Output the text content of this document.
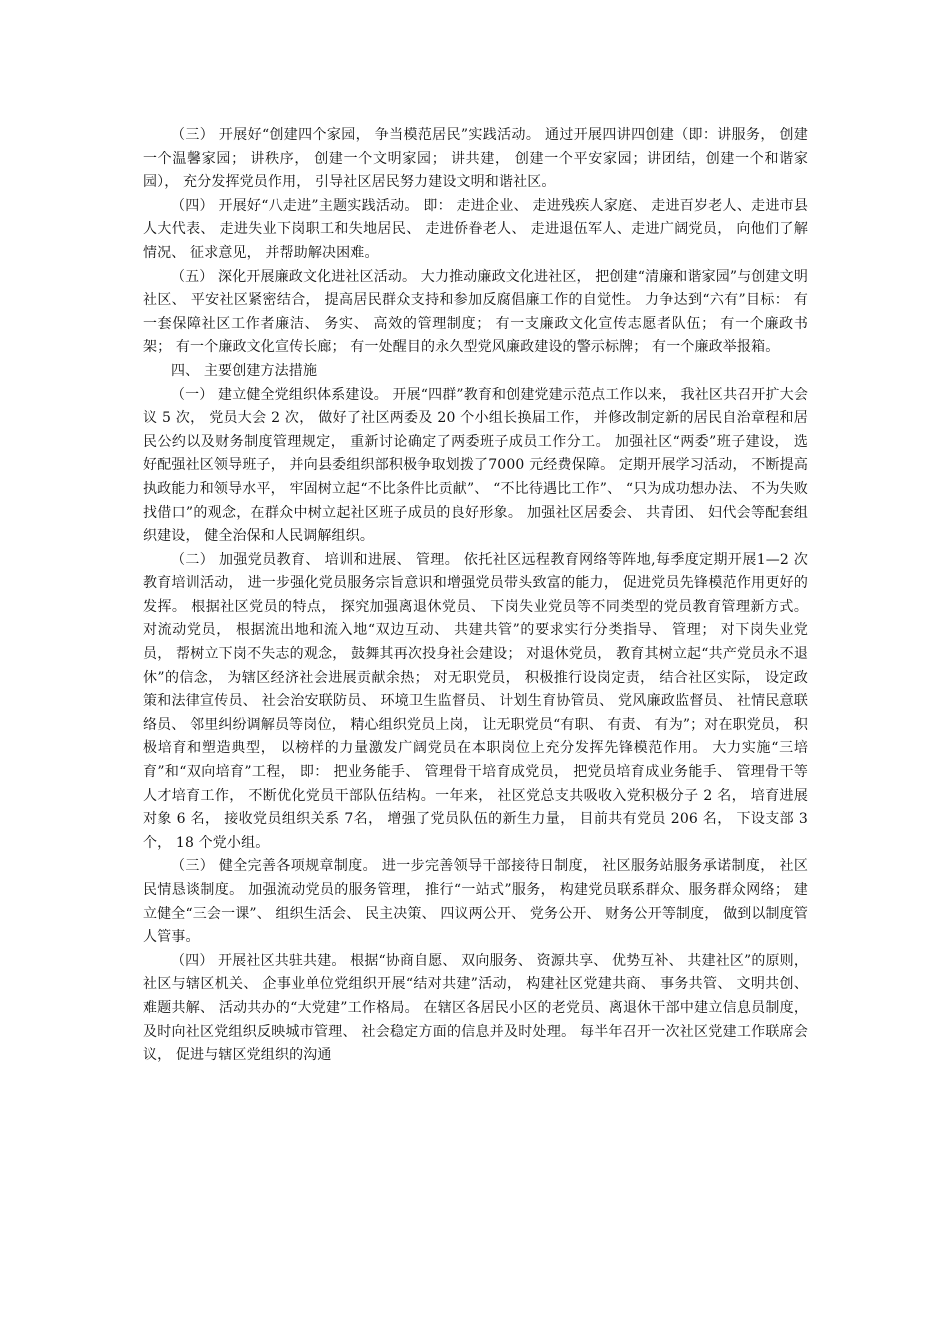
（三） 开展好“创建四个家园， 争当模范居民”实践活动。 通过开展四讲四创建（即：讲服务， 创建一个温馨家园； 讲秩序， 创建一个文明家园； 讲共建， 创建一个平安家园；讲团结，创建一个和谐家园）， 充分发挥党员作用， 引导社区居民努力建设文明和谐社区。

（四） 开展好“八走进”主题实践活动。 即： 走进企业、 走进残疾人家庭、 走进百岁老人、走进市县人大代表、 走进失业下岗职工和失地居民、 走进侨眷老人、 走进退伍军人、走进广阔党员， 向他们了解情况、 征求意见， 并帮助解决困难。

（五） 深化开展廉政文化进社区活动。 大力推动廉政文化进社区， 把创建“清廉和谐家园”与创建文明社区、 平安社区紧密结合， 提高居民群众支持和参加反腐倡廉工作的自觉性。 力争达到“六有”目标： 有一套保障社区工作者廉洁、 务实、 高效的管理制度； 有一支廉政文化宣传志愿者队伍； 有一个廉政书架； 有一个廉政文化宣传长廊； 有一处醒目的永久型党风廉政建设的警示标牌； 有一个廉政举报箱。

四、 主要创建方法措施

（一） 建立健全党组织体系建设。 开展“四群”教育和创建党建示范点工作以来， 我社区共召开扩大会议 5 次， 党员大会 2 次， 做好了社区两委及 20 个小组长换届工作， 并修改制定新的居民自治章程和居民公约以及财务制度管理规定， 重新讨论确定了两委班子成员工作分工。 加强社区“两委”班子建设， 选好配强社区领导班子， 并向县委组织部积极争取划拨了7000 元经费保障。 定期开展学习活动， 不断提高执政能力和领导水平， 牢固树立起“不比条件比贡献”、 “不比待遇比工作”、 “只为成功想办法、 不为失败找借口”的观念，在群众中树立起社区班子成员的良好形象。 加强社区居委会、 共青团、 妇代会等配套组织建设， 健全治保和人民调解组织。

（二） 加强党员教育、 培训和进展、 管理。 依托社区远程教育网络等阵地,每季度定期开展1—2 次教育培训活动， 进一步强化党员服务宗旨意识和增强党员带头致富的能力， 促进党员先锋模范作用更好的发挥。 根据社区党员的特点， 探究加强离退休党员、 下岗失业党员等不同类型的党员教育管理新方式。 对流动党员， 根据流出地和流入地“双边互动、 共建共管”的要求实行分类指导、 管理； 对下岗失业党员， 帮树立下岗不失志的观念， 鼓舞其再次投身社会建设； 对退休党员， 教育其树立起“共产党员永不退休”的信念， 为辖区经济社会进展贡献余热； 对无职党员， 积极推行设岗定责， 结合社区实际， 设定政策和法律宣传员、 社会治安联防员、 环境卫生监督员、 计划生育协管员、 党风廉政监督员、 社情民意联络员、 邻里纠纷调解员等岗位， 精心组织党员上岗， 让无职党员“有职、 有责、 有为”；对在职党员， 积极培育和塑造典型， 以榜样的力量激发广阔党员在本职岗位上充分发挥先锋模范作用。 大力实施“三培育”和“双向培育”工程， 即： 把业务能手、 管理骨干培育成党员， 把党员培育成业务能手、 管理骨干等人才培育工作， 不断优化党员干部队伍结构。一年来， 社区党总支共吸收入党积极分子 2 名， 培育进展对象 6 名， 接收党员组织关系 7名， 增强了党员队伍的新生力量， 目前共有党员 206 名， 下设支部 3 个， 18 个党小组。

（三） 健全完善各项规章制度。 进一步完善领导干部接待日制度， 社区服务站服务承诺制度， 社区民情恳谈制度。 加强流动党员的服务管理， 推行“一站式”服务， 构建党员联系群众、服务群众网络； 建立健全“三会一课”、 组织生活会、 民主决策、 四议两公开、 党务公开、 财务公开等制度， 做到以制度管人管事。

（四） 开展社区共驻共建。 根据“协商自愿、 双向服务、 资源共享、 优势互补、 共建社区”的原则， 社区与辖区机关、 企事业单位党组织开展“结对共建”活动， 构建社区党建共商、 事务共管、 文明共创、 难题共解、 活动共办的“大党建”工作格局。 在辖区各居民小区的老党员、离退休干部中建立信息员制度， 及时向社区党组织反映城市管理、 社会稳定方面的信息并及时处理。 每半年召开一次社区党建工作联席会议， 促进与辖区党组织的沟通
